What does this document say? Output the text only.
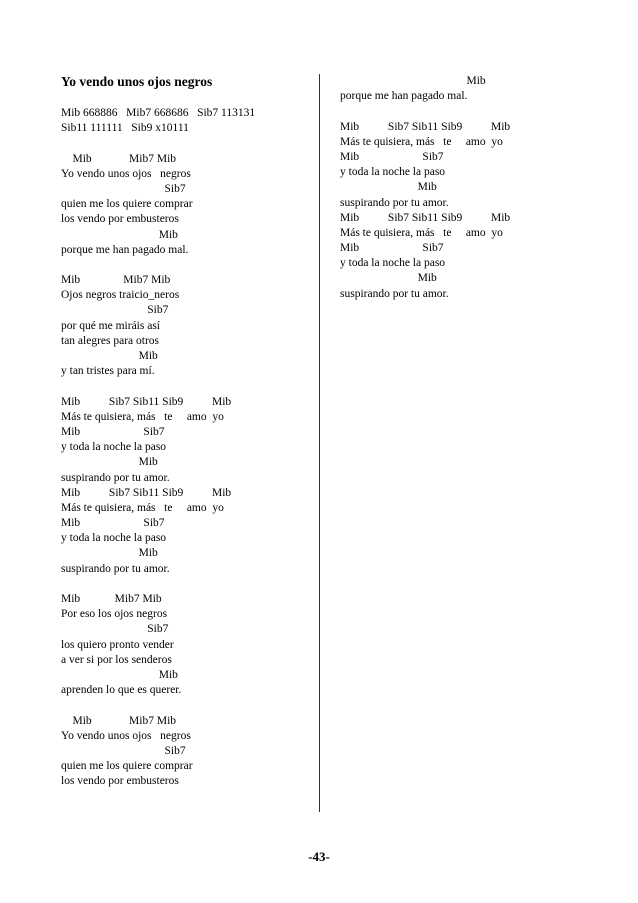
Yo vendo unos ojos negros

Mib 668886   Mib7 668686   Sib7 113131
Sib11 111111   Sib9 x10111
Mib             Mib7 Mib
Yo vendo unos ojos   negros
Sib7
quien me los quiere comprar
los vendo por embusteros
Mib
porque me han pagado mal.
Mib               Mib7 Mib
Ojos negros traicio_neros
Sib7
por qué me miráis así
tan alegres para otros
Mib
y tan tristes para mí.
Mib          Sib7 Sib11 Sib9          Mib
Más te quisiera, más   te     amo  yo
Mib                      Sib7
y toda la noche la paso
Mib
suspirando por tu amor.
Mib          Sib7 Sib11 Sib9          Mib
Más te quisiera, más   te     amo  yo
Mib                      Sib7
y toda la noche la paso
Mib
suspirando por tu amor.
Mib            Mib7 Mib
Por eso los ojos negros
Sib7
los quiero pronto vender
a ver si por los senderos
Mib
aprenden lo que es querer.
Mib             Mib7 Mib
Yo vendo unos ojos   negros
Sib7
quien me los quiere comprar
los vendo por embusteros
Mib
porque me han pagado mal.
Mib          Sib7 Sib11 Sib9          Mib
Más te quisiera, más   te     amo  yo
Mib                      Sib7
y toda la noche la paso
Mib
suspirando por tu amor.
Mib          Sib7 Sib11 Sib9          Mib
Más te quisiera, más   te     amo  yo
Mib                      Sib7
y toda la noche la paso
Mib
suspirando por tu amor.
-43-
